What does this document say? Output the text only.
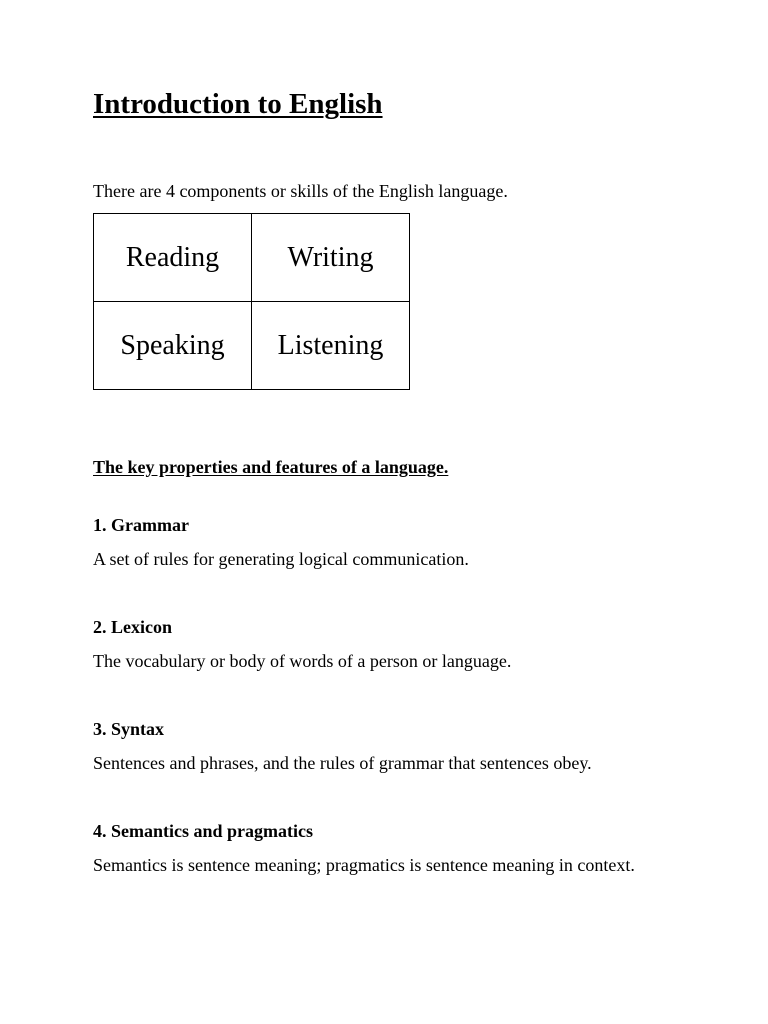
Introduction to English

There are 4 components or skills of the English language.

Reading	Writing
Speaking	Listening
The key properties and features of a language.
1. Grammar

A set of rules for generating logical communication.

2. Lexicon

The vocabulary or body of words of a person or language.

3. Syntax

Sentences and phrases, and the rules of grammar that sentences obey.

4. Semantics and pragmatics

Semantics is sentence meaning; pragmatics is sentence meaning in context.
